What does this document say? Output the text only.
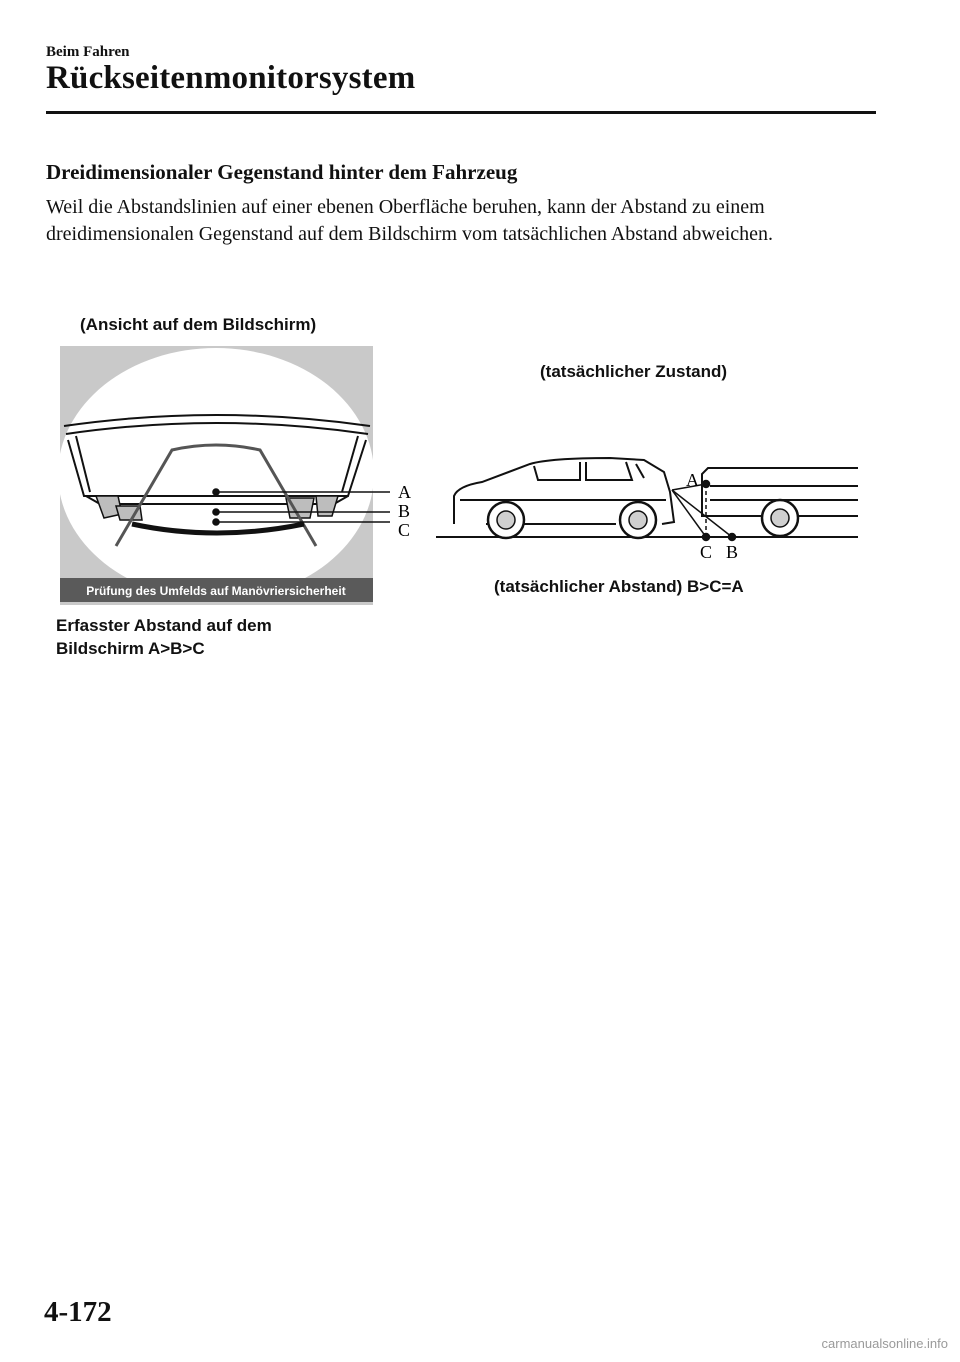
Beim Fahren
Rückseitenmonitorsystem
Dreidimensionaler Gegenstand hinter dem Fahrzeug
Weil die Abstandslinien auf einer ebenen Oberfläche beruhen, kann der Abstand zu einem dreidimensionalen Gegenstand auf dem Bildschirm vom tatsächlichen Abstand abweichen.
(Ansicht auf dem Bildschirm)
A
B
C
Prüfung des Umfelds auf Manövriersicherheit
Erfasster Abstand auf dem
Bildschirm A>B>C
(tatsächlicher Zustand)
A
C B
(tatsächlicher Abstand) B>C=A
4-172
carmanualsonline.info
